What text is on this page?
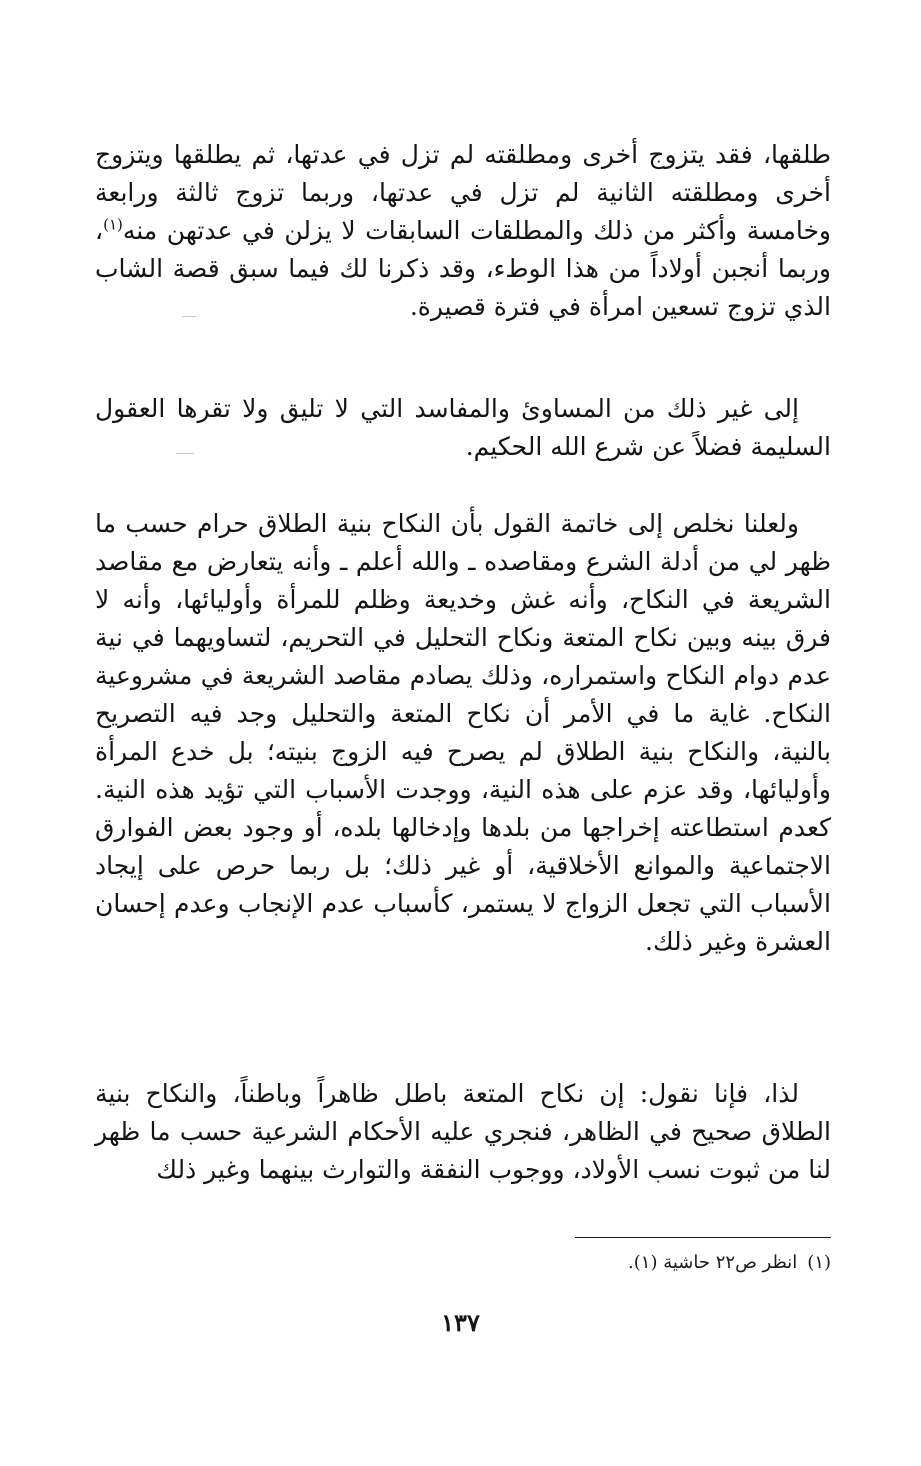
طلقها، فقد يتزوج أخرى ومطلقته لم تزل في عدتها، ثم يطلقها ويتزوج أخرى ومطلقته الثانية لم تزل في عدتها، وربما تزوج ثالثة ورابعة وخامسة وأكثر من ذلك والمطلقات السابقات لا يزلن في عدتهن منه$^{(١)}$، وربما أنجبن أولاداً من هذا الوطء، وقد ذكرنا لك فيما سبق قصة الشاب الذي تزوج تسعين امرأة في فترة قصيرة.

إلى غير ذلك من المساوئ والمفاسد التي لا تليق ولا تقرها العقول السليمة فضلاً عن شرع الله الحكيم.

ولعلنا نخلص إلى خاتمة القول بأن النكاح بنية الطلاق حرام حسب ما ظهر لي من أدلة الشرع ومقاصده ـ والله أعلم ـ وأنه يتعارض مع مقاصد الشريعة في النكاح، وأنه غش وخديعة وظلم للمرأة وأوليائها، وأنه لا فرق بينه وبين نكاح المتعة ونكاح التحليل في التحريم، لتساويهما في نية عدم دوام النكاح واستمراره، وذلك يصادم مقاصد الشريعة في مشروعية النكاح. غاية ما في الأمر أن نكاح المتعة والتحليل وجد فيه التصريح بالنية، والنكاح بنية الطلاق لم يصرح فيه الزوج بنيته؛ بل خدع المرأة وأوليائها، وقد عزم على هذه النية، ووجدت الأسباب التي تؤيد هذه النية. كعدم استطاعته إخراجها من بلدها وإدخالها بلده، أو وجود بعض الفوارق الاجتماعية والموانع الأخلاقية، أو غير ذلك؛ بل ربما حرص على إيجاد الأسباب التي تجعل الزواج لا يستمر، كأسباب عدم الإنجاب وعدم إحسان العشرة وغير ذلك.

لذا، فإنا نقول: إن نكاح المتعة باطل ظاهراً وباطناً، والنكاح بنية الطلاق صحيح في الظاهر، فنجري عليه الأحكام الشرعية حسب ما ظهر لنا من ثبوت نسب الأولاد، ووجوب النفقة والتوارث بينهما وغير ذلك

(١)انظر ص٢٢ حاشية (١).
١٣٧
